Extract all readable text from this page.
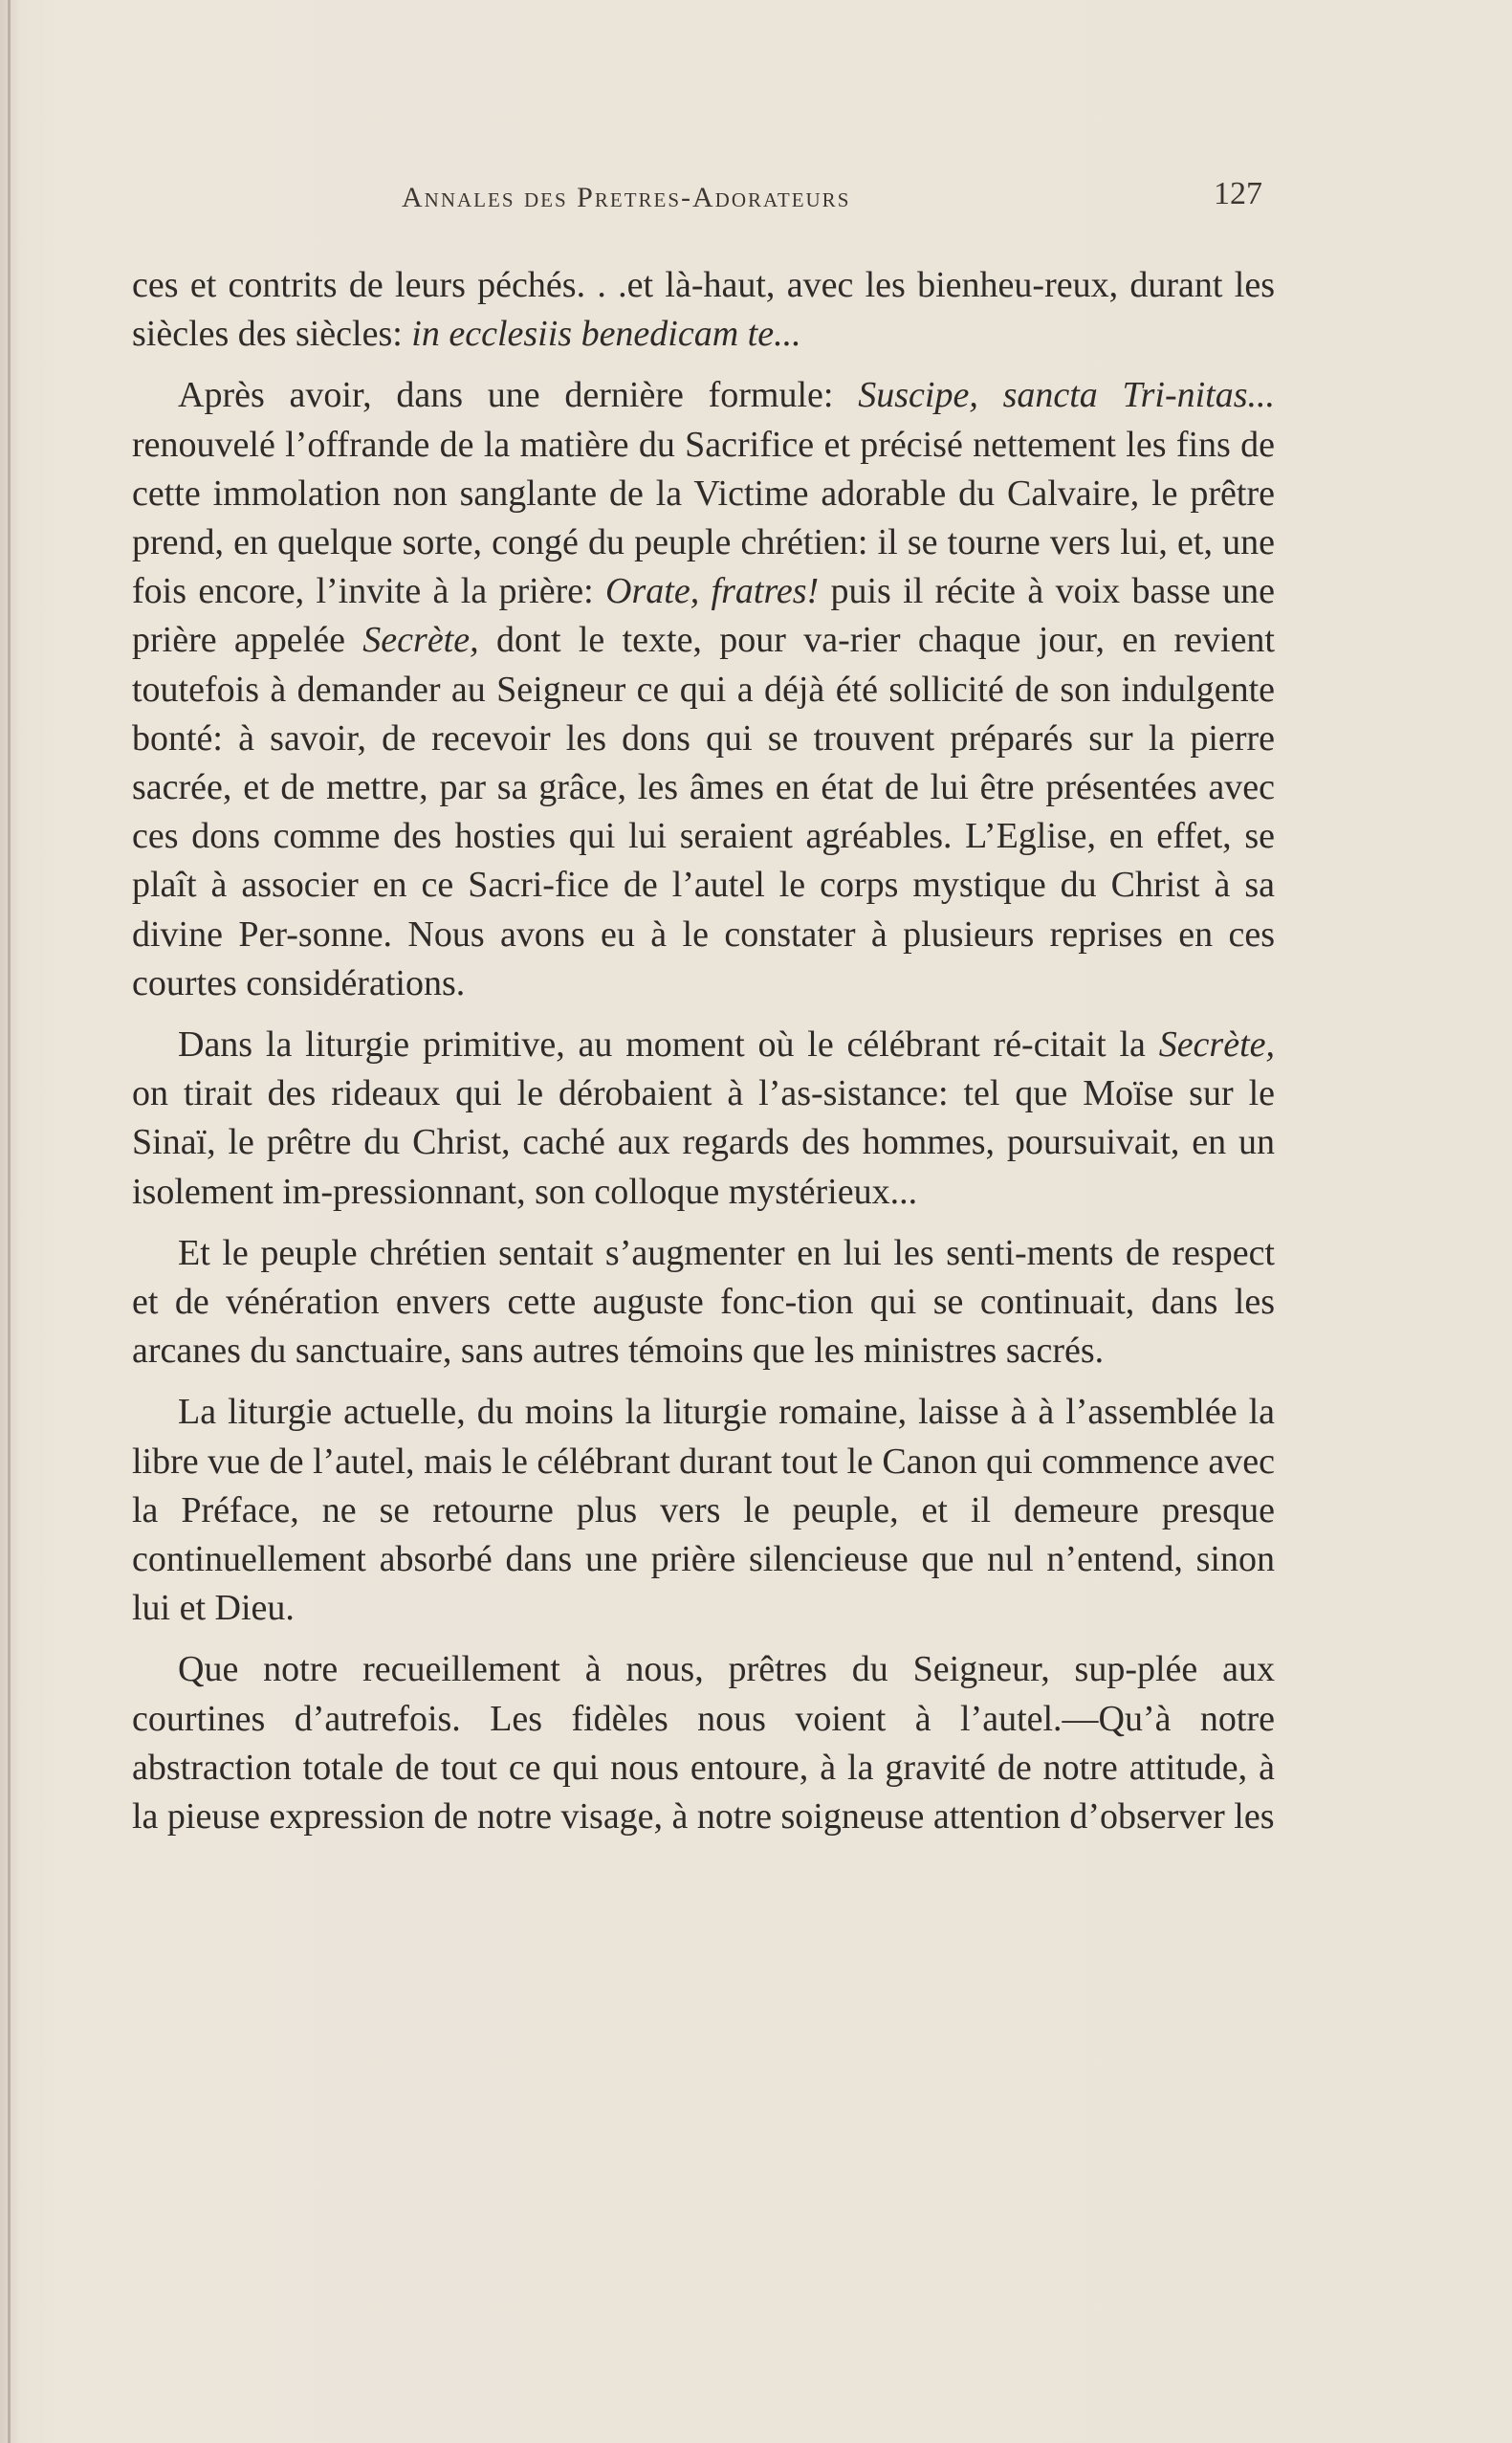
Annales des Pretres-Adorateurs	127

ces et contrits de leurs péchés. . .et là-haut, avec les bienheu-reux, durant les siècles des siècles: in ecclesiis benedicam te...

Après avoir, dans une dernière formule: Suscipe, sancta Tri-nitas... renouvelé l’offrande de la matière du Sacrifice et précisé nettement les fins de cette immolation non sanglante de la Victime adorable du Calvaire, le prêtre prend, en quelque sorte, congé du peuple chrétien: il se tourne vers lui, et, une fois encore, l’invite à la prière: Orate, fratres! puis il récite à voix basse une prière appelée Secrète, dont le texte, pour va-rier chaque jour, en revient toutefois à demander au Seigneur ce qui a déjà été sollicité de son indulgente bonté: à savoir, de recevoir les dons qui se trouvent préparés sur la pierre sacrée, et de mettre, par sa grâce, les âmes en état de lui être présentées avec ces dons comme des hosties qui lui seraient agréables. L’Eglise, en effet, se plaît à associer en ce Sacri-fice de l’autel le corps mystique du Christ à sa divine Per-sonne. Nous avons eu à le constater à plusieurs reprises en ces courtes considérations.

Dans la liturgie primitive, au moment où le célébrant ré-citait la Secrète, on tirait des rideaux qui le dérobaient à l’as-sistance: tel que Moïse sur le Sinaï, le prêtre du Christ, caché aux regards des hommes, poursuivait, en un isolement im-pressionnant, son colloque mystérieux...

Et le peuple chrétien sentait s’augmenter en lui les senti-ments de respect et de vénération envers cette auguste fonc-tion qui se continuait, dans les arcanes du sanctuaire, sans autres témoins que les ministres sacrés.

La liturgie actuelle, du moins la liturgie romaine, laisse à à l’assemblée la libre vue de l’autel, mais le célébrant durant tout le Canon qui commence avec la Préface, ne se retourne plus vers le peuple, et il demeure presque continuellement absorbé dans une prière silencieuse que nul n’entend, sinon lui et Dieu.

Que notre recueillement à nous, prêtres du Seigneur, sup-plée aux courtines d’autrefois. Les fidèles nous voient à l’autel.—Qu’à notre abstraction totale de tout ce qui nous entoure, à la gravité de notre attitude, à la pieuse expression de notre visage, à notre soigneuse attention d’observer les
